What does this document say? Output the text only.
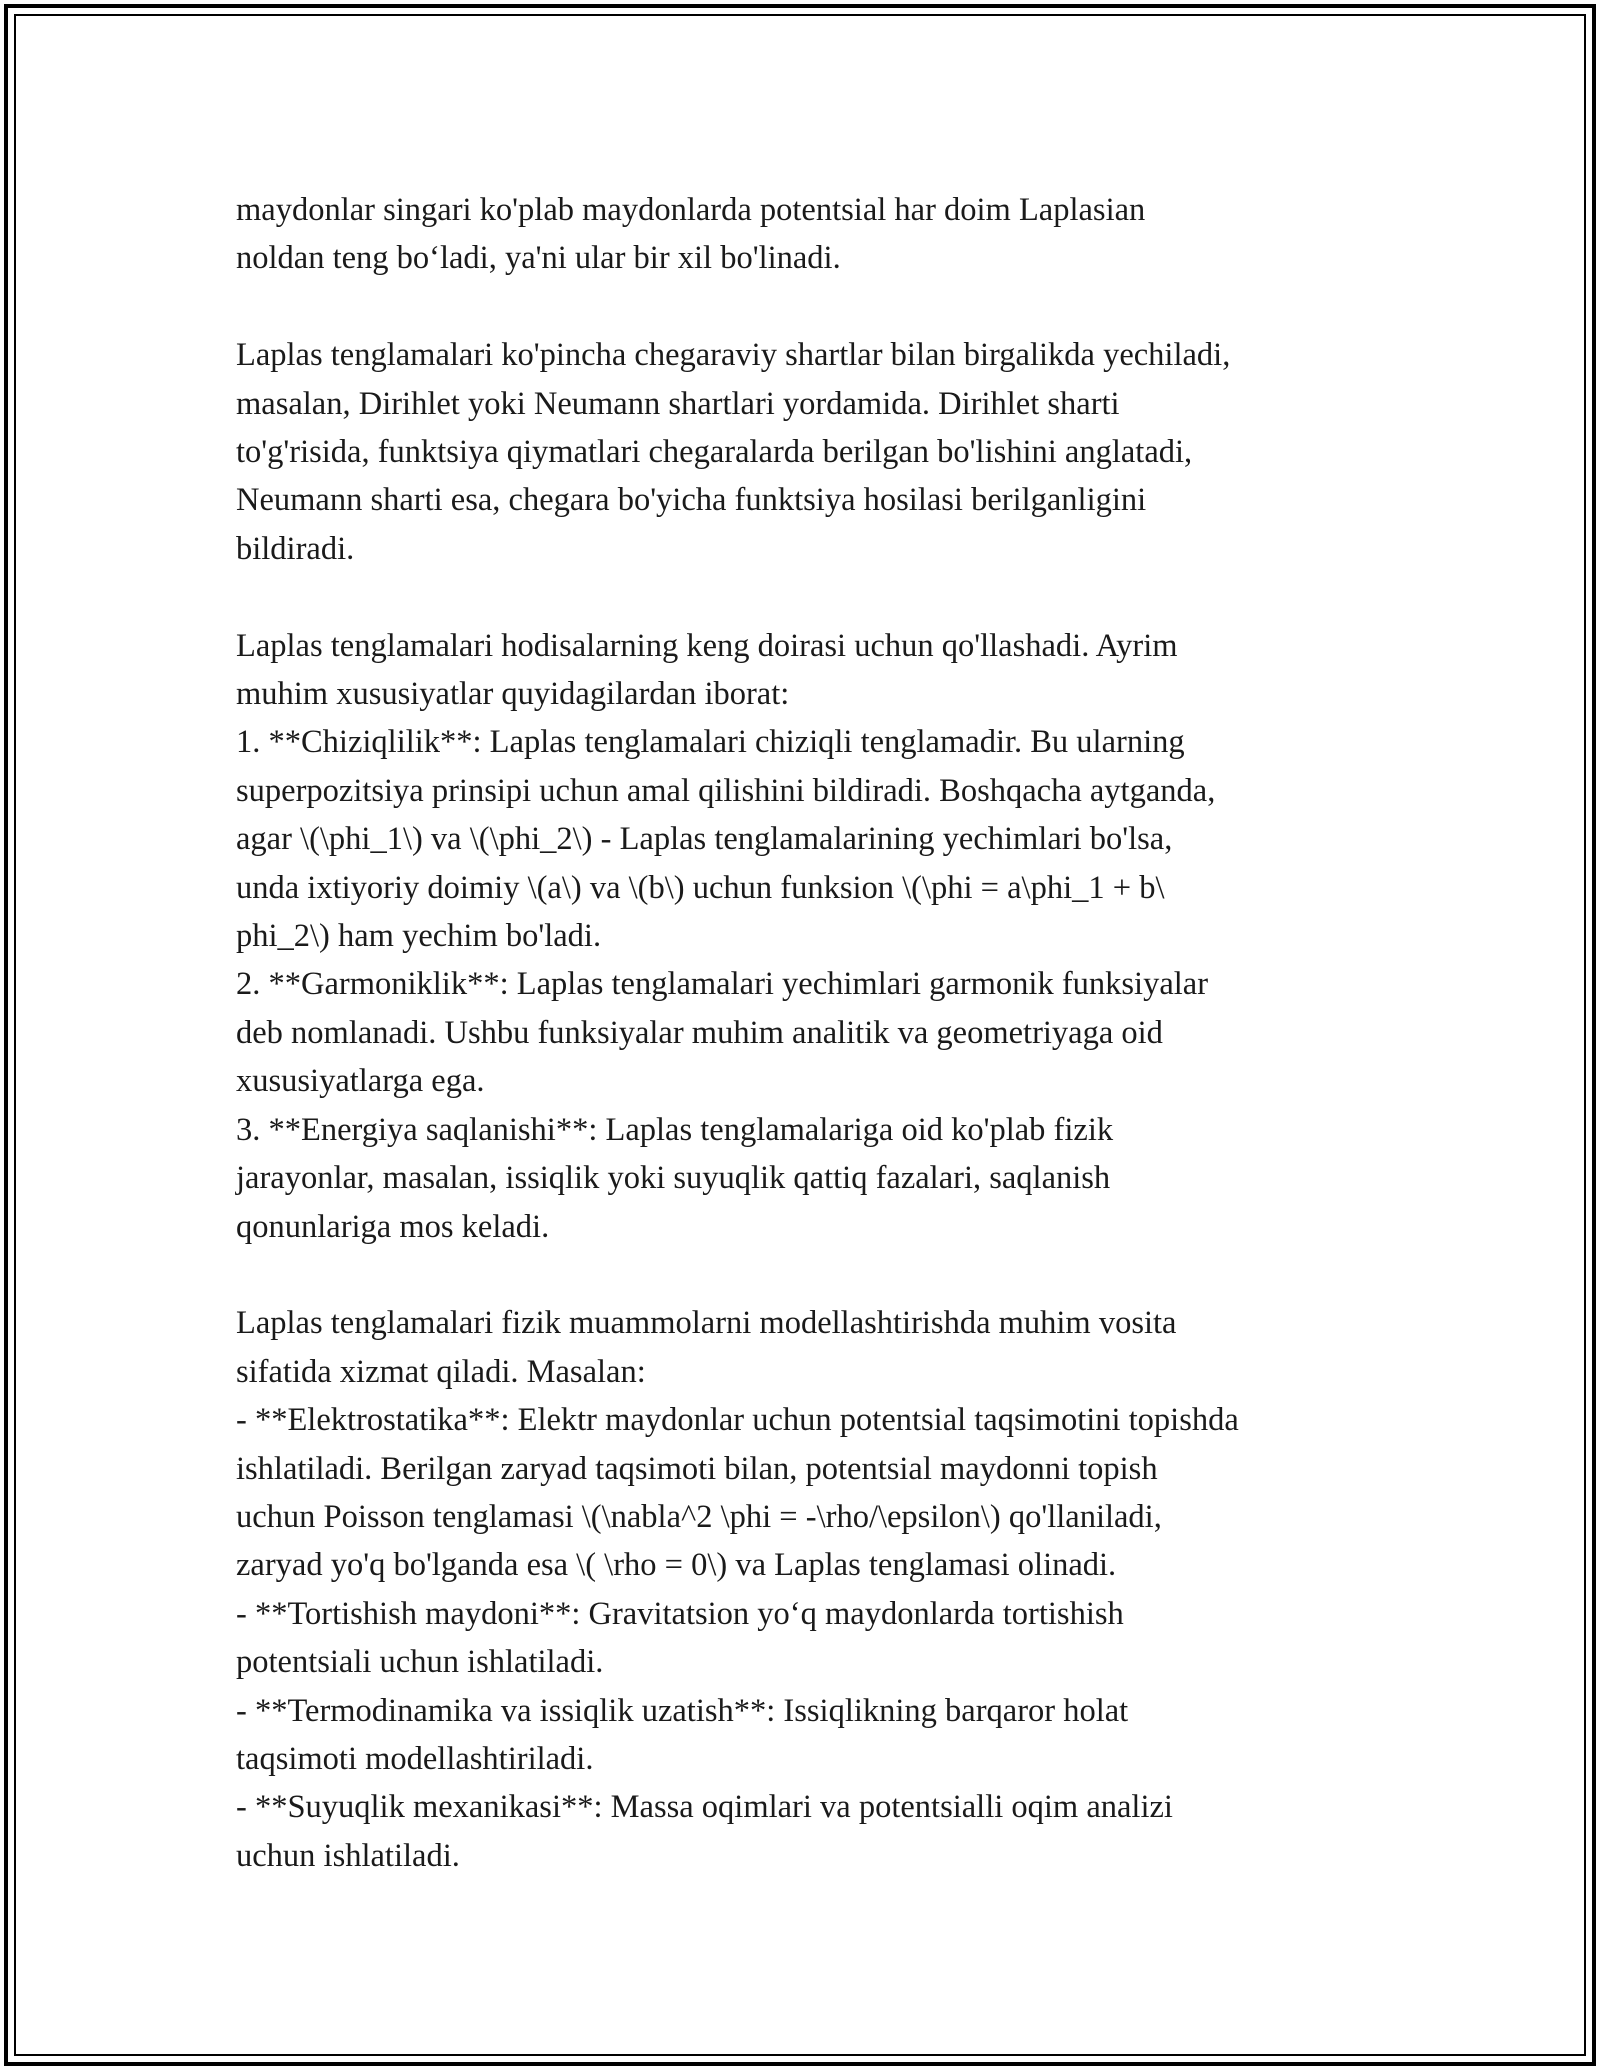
maydonlar singari ko'plab maydonlarda potentsial har doim Laplasian
noldan teng bo‘ladi, ya'ni ular bir xil bo'linadi.
Laplas tenglamalari ko'pincha chegaraviy shartlar bilan birgalikda yechiladi,
masalan, Dirihlet yoki Neumann shartlari yordamida. Dirihlet sharti
to'g'risida, funktsiya qiymatlari chegaralarda berilgan bo'lishini anglatadi,
Neumann sharti esa, chegara bo'yicha funktsiya hosilasi berilganligini
bildiradi.
Laplas tenglamalari hodisalarning keng doirasi uchun qo'llashadi. Ayrim
muhim xususiyatlar quyidagilardan iborat:
1. **Chiziqlilik**: Laplas tenglamalari chiziqli tenglamadir. Bu ularning
superpozitsiya prinsipi uchun amal qilishini bildiradi. Boshqacha aytganda,
agar \(\phi_1\) va \(\phi_2\) - Laplas tenglamalarining yechimlari bo'lsa,
unda ixtiyoriy doimiy \(a\) va \(b\) uchun funksion \(\phi = a\phi_1 + b\
phi_2\) ham yechim bo'ladi.
2. **Garmoniklik**: Laplas tenglamalari yechimlari garmonik funksiyalar
deb nomlanadi. Ushbu funksiyalar muhim analitik va geometriyaga oid
xususiyatlarga ega.
3. **Energiya saqlanishi**: Laplas tenglamalariga oid ko'plab fizik
jarayonlar, masalan, issiqlik yoki suyuqlik qattiq fazalari, saqlanish
qonunlariga mos keladi.
Laplas tenglamalari fizik muammolarni modellashtirishda muhim vosita
sifatida xizmat qiladi. Masalan:
- **Elektrostatika**: Elektr maydonlar uchun potentsial taqsimotini topishda
ishlatiladi. Berilgan zaryad taqsimoti bilan, potentsial maydonni topish
uchun Poisson tenglamasi \(\nabla^2 \phi = -\rho/\epsilon\) qo'llaniladi,
zaryad yo'q bo'lganda esa \( \rho = 0\) va Laplas tenglamasi olinadi.
- **Tortishish maydoni**: Gravitatsion yo‘q maydonlarda tortishish
potentsiali uchun ishlatiladi.
- **Termodinamika va issiqlik uzatish**: Issiqlikning barqaror holat
taqsimoti modellashtiriladi.
- **Suyuqlik mexanikasi**: Massa oqimlari va potentsialli oqim analizi
uchun ishlatiladi.
